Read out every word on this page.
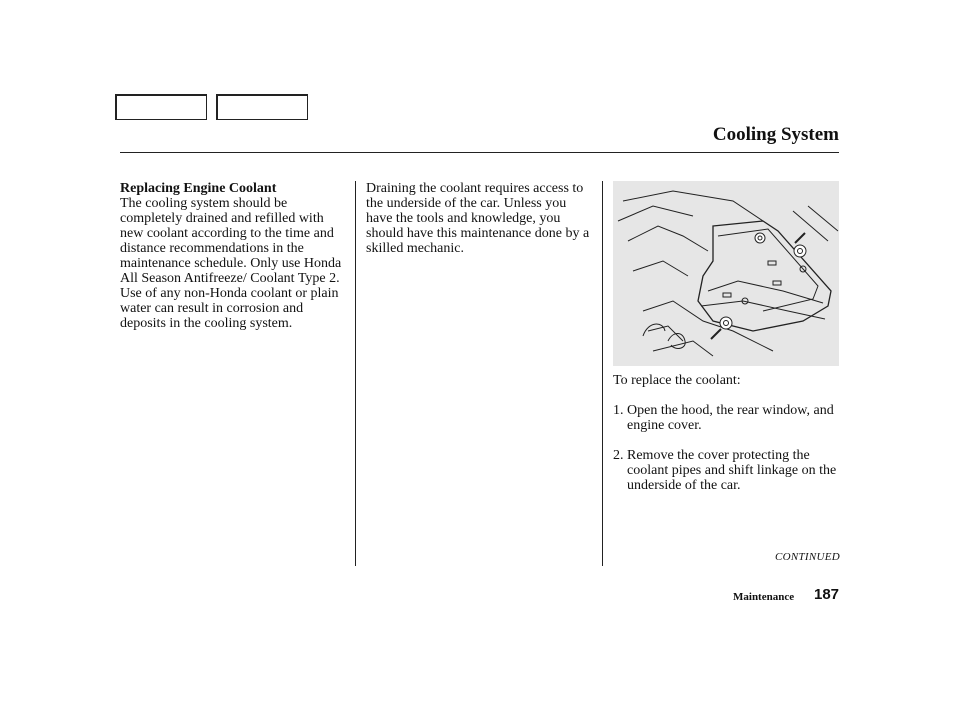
Cooling System
Replacing Engine Coolant
The cooling system should be completely drained and refilled with new coolant according to the time and distance recommendations in the maintenance schedule. Only use Honda All Season Antifreeze/ Coolant Type 2. Use of any non-Honda coolant or plain water can result in corrosion and deposits in the cooling system.
Draining the coolant requires access to the underside of the car. Unless you have the tools and knowledge, you should have this maintenance done by a skilled mechanic.

To replace the coolant:

1. Open the hood, the rear window, and engine cover.
2. Remove the cover protecting the coolant pipes and shift linkage on the underside of the car.
CONTINUED
Maintenance 187
